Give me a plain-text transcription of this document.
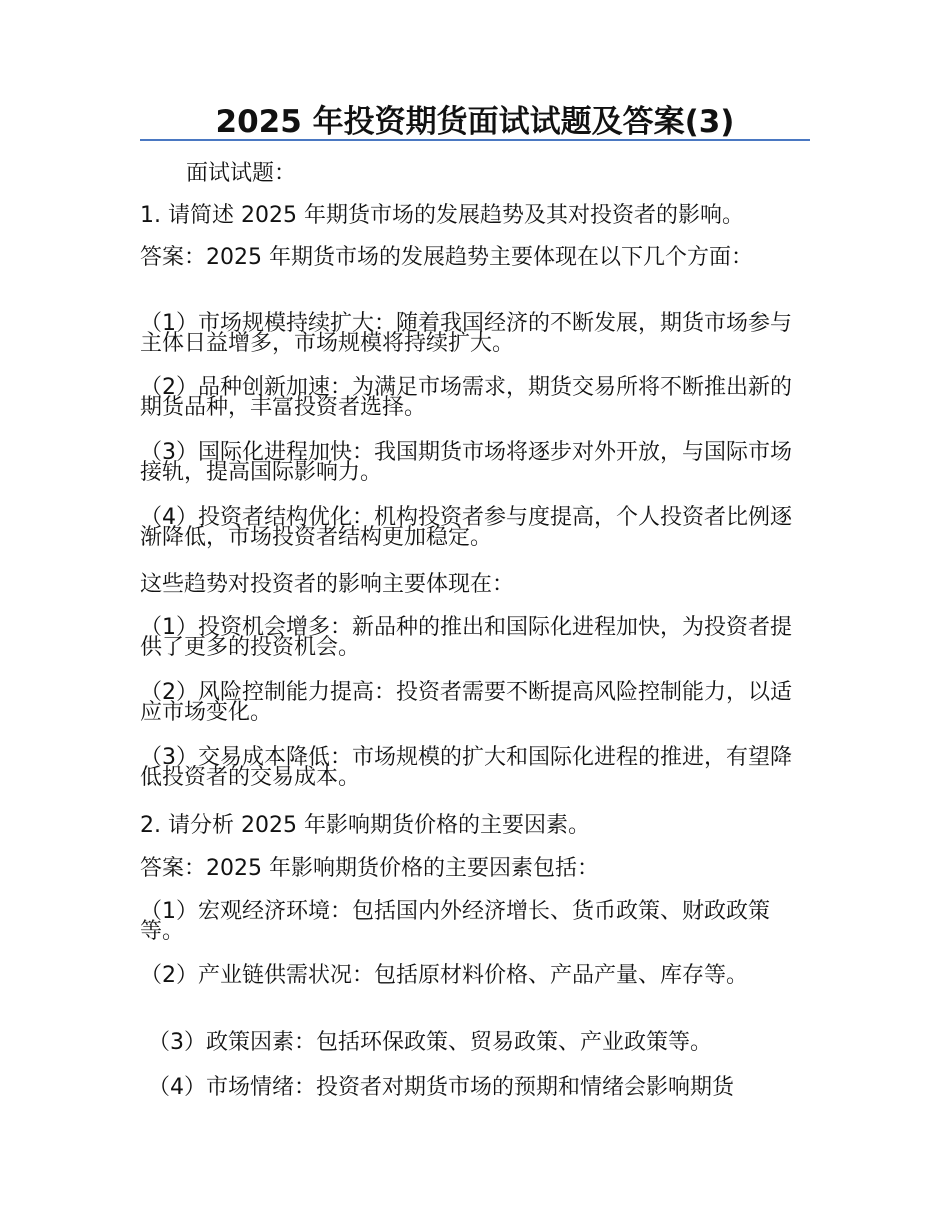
2025 年投资期货面试试题及答案(3)

面试试题：

1. 请简述 2025 年期货市场的发展趋势及其对投资者的影响。

答案：2025 年期货市场的发展趋势主要体现在以下几个方面：

（1）市场规模持续扩大：随着我国经济的不断发展，期货市场参与主体日益增多，市场规模将持续扩大。

（2）品种创新加速：为满足市场需求，期货交易所将不断推出新的期货品种，丰富投资者选择。

（3）国际化进程加快：我国期货市场将逐步对外开放，与国际市场接轨，提高国际影响力。

（4）投资者结构优化：机构投资者参与度提高，个人投资者比例逐渐降低，市场投资者结构更加稳定。

这些趋势对投资者的影响主要体现在：

（1）投资机会增多：新品种的推出和国际化进程加快，为投资者提供了更多的投资机会。

（2）风险控制能力提高：投资者需要不断提高风险控制能力，以适应市场变化。

（3）交易成本降低：市场规模的扩大和国际化进程的推进，有望降低投资者的交易成本。

2. 请分析 2025 年影响期货价格的主要因素。

答案：2025 年影响期货价格的主要因素包括：

（1）宏观经济环境：包括国内外经济增长、货币政策、财政政策等。

（2）产业链供需状况：包括原材料价格、产品产量、库存等。

（3）政策因素：包括环保政策、贸易政策、产业政策等。

（4）市场情绪：投资者对期货市场的预期和情绪会影响期货
